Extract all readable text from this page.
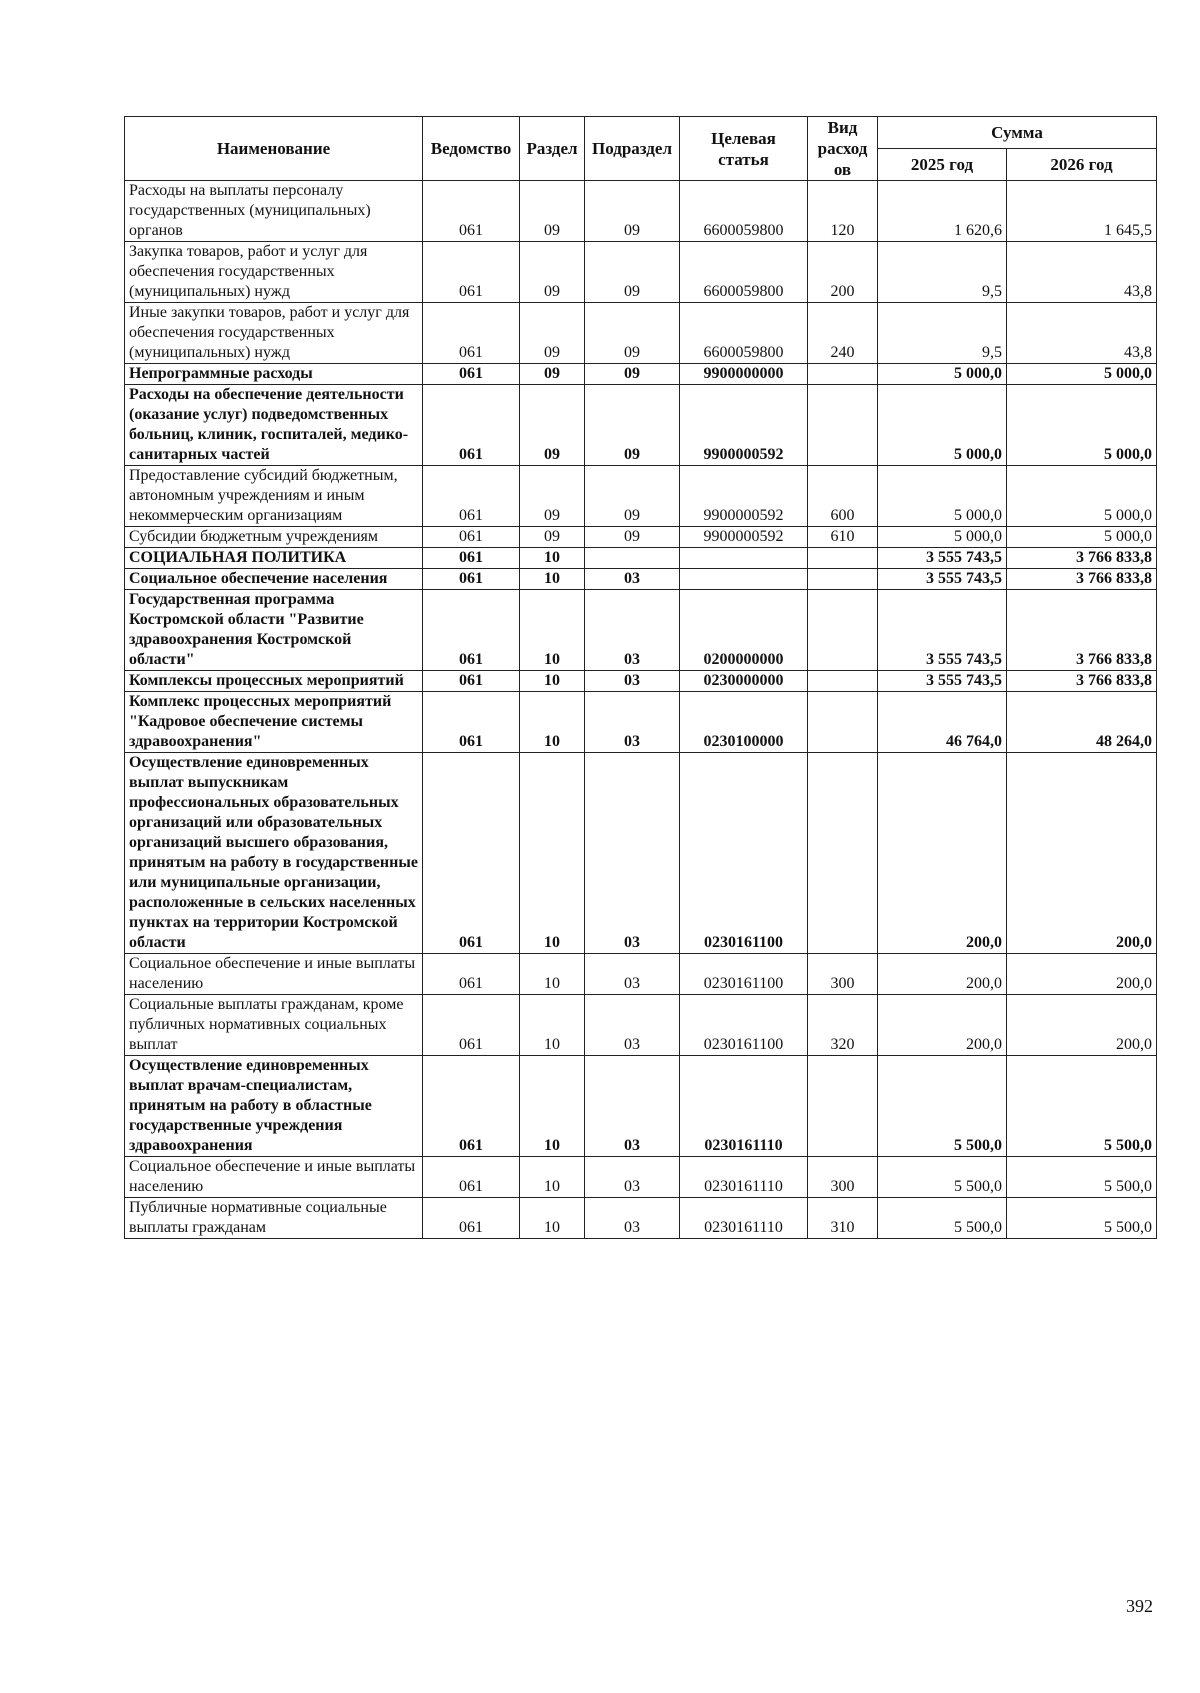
Наименование	Ведомство	Раздел	Подраздел	Целевая статья	Вид расход ов	Сумма	
						2025 год	2026 год
Расходы на выплаты персоналу государственных (муниципальных) органов	061	09	09	6600059800	120	1 620,6	1 645,5
Закупка товаров, работ и услуг для обеспечения государственных (муниципальных) нужд	061	09	09	6600059800	200	9,5	43,8
Иные закупки товаров, работ и услуг для обеспечения государственных (муниципальных) нужд	061	09	09	6600059800	240	9,5	43,8
Непрограммные расходы	061	09	09	9900000000		5 000,0	5 000,0
Расходы на обеспечение деятельности (оказание услуг) подведомственных больниц, клиник, госпиталей, медико-санитарных частей	061	09	09	9900000592		5 000,0	5 000,0
Предоставление субсидий бюджетным, автономным учреждениям и иным некоммерческим организациям	061	09	09	9900000592	600	5 000,0	5 000,0
Субсидии бюджетным учреждениям	061	09	09	9900000592	610	5 000,0	5 000,0
СОЦИАЛЬНАЯ ПОЛИТИКА	061	10				3 555 743,5	3 766 833,8
Социальное обеспечение населения	061	10	03			3 555 743,5	3 766 833,8
Государственная программа Костромской области "Развитие здравоохранения Костромской области"	061	10	03	0200000000		3 555 743,5	3 766 833,8
Комплексы процессных мероприятий	061	10	03	0230000000		3 555 743,5	3 766 833,8
Комплекс процессных мероприятий "Кадровое обеспечение системы здравоохранения"	061	10	03	0230100000		46 764,0	48 264,0
Осуществление единовременных выплат выпускникам профессиональных образовательных организаций или образовательных организаций высшего образования, принятым на работу в государственные или муниципальные организации, расположенные в сельских населенных пунктах на территории Костромской области	061	10	03	0230161100		200,0	200,0
Социальное обеспечение и иные выплаты населению	061	10	03	0230161100	300	200,0	200,0
Социальные выплаты гражданам, кроме публичных нормативных социальных выплат	061	10	03	0230161100	320	200,0	200,0
Осуществление единовременных выплат врачам-специалистам, принятым на работу в областные государственные учреждения здравоохранения	061	10	03	0230161110		5 500,0	5 500,0
Социальное обеспечение и иные выплаты населению	061	10	03	0230161110	300	5 500,0	5 500,0
Публичные нормативные социальные выплаты гражданам	061	10	03	0230161110	310	5 500,0	5 500,0
392
